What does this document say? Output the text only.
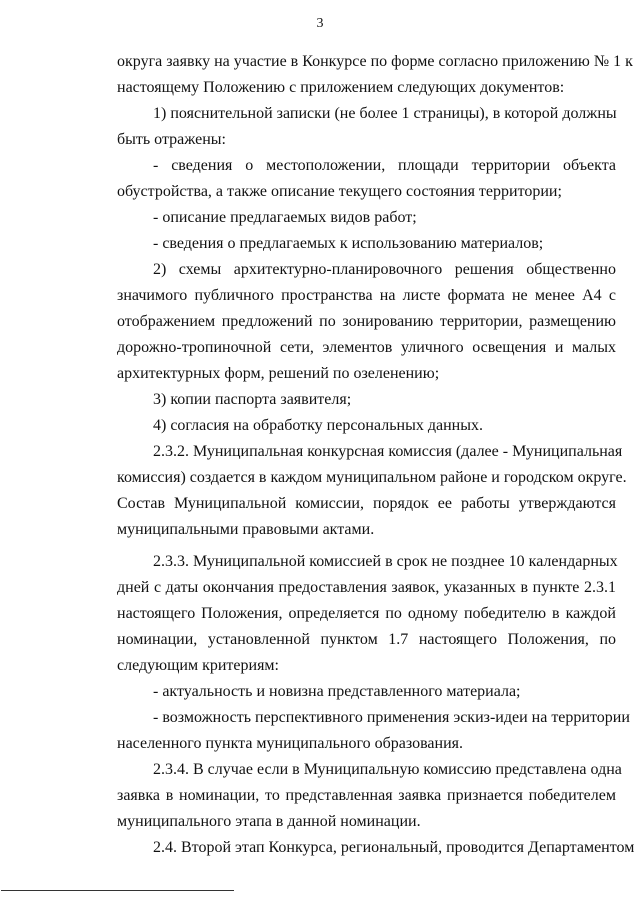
3
округа заявку на участие в Конкурсе по форме согласно приложению № 1 к
настоящему Положению с приложением следующих документов:
1) пояснительной записки (не более 1 страницы), в которой должны
быть отражены:
- сведения о местоположении, площади территории объекта
обустройства, а также описание текущего состояния территории;
- описание предлагаемых видов работ;
- сведения о предлагаемых к использованию материалов;
2) схемы архитектурно-планировочного решения общественно
значимого публичного пространства на листе формата не менее А4 с
отображением предложений по зонированию территории, размещению
дорожно-тропиночной сети, элементов уличного освещения и малых
архитектурных форм, решений по озеленению;
3) копии паспорта заявителя;
4) согласия на обработку персональных данных.
2.3.2. Муниципальная конкурсная комиссия (далее - Муниципальная
комиссия) создается в каждом муниципальном районе и городском округе.
Состав Муниципальной комиссии, порядок ее работы утверждаются
муниципальными правовыми актами.
2.3.3. Муниципальной комиссией в срок не позднее 10 календарных
дней с даты окончания предоставления заявок, указанных в пункте 2.3.1
настоящего Положения, определяется по одному победителю в каждой
номинации, установленной пунктом 1.7 настоящего Положения, по
следующим критериям:
- актуальность и новизна представленного материала;
- возможность перспективного применения эскиз-идеи на территории
населенного пункта муниципального образования.
2.3.4. В случае если в Муниципальную комиссию представлена одна
заявка в номинации, то представленная заявка признается победителем
муниципального этапа в данной номинации.
2.4. Второй этап Конкурса, региональный, проводится Департаментом
